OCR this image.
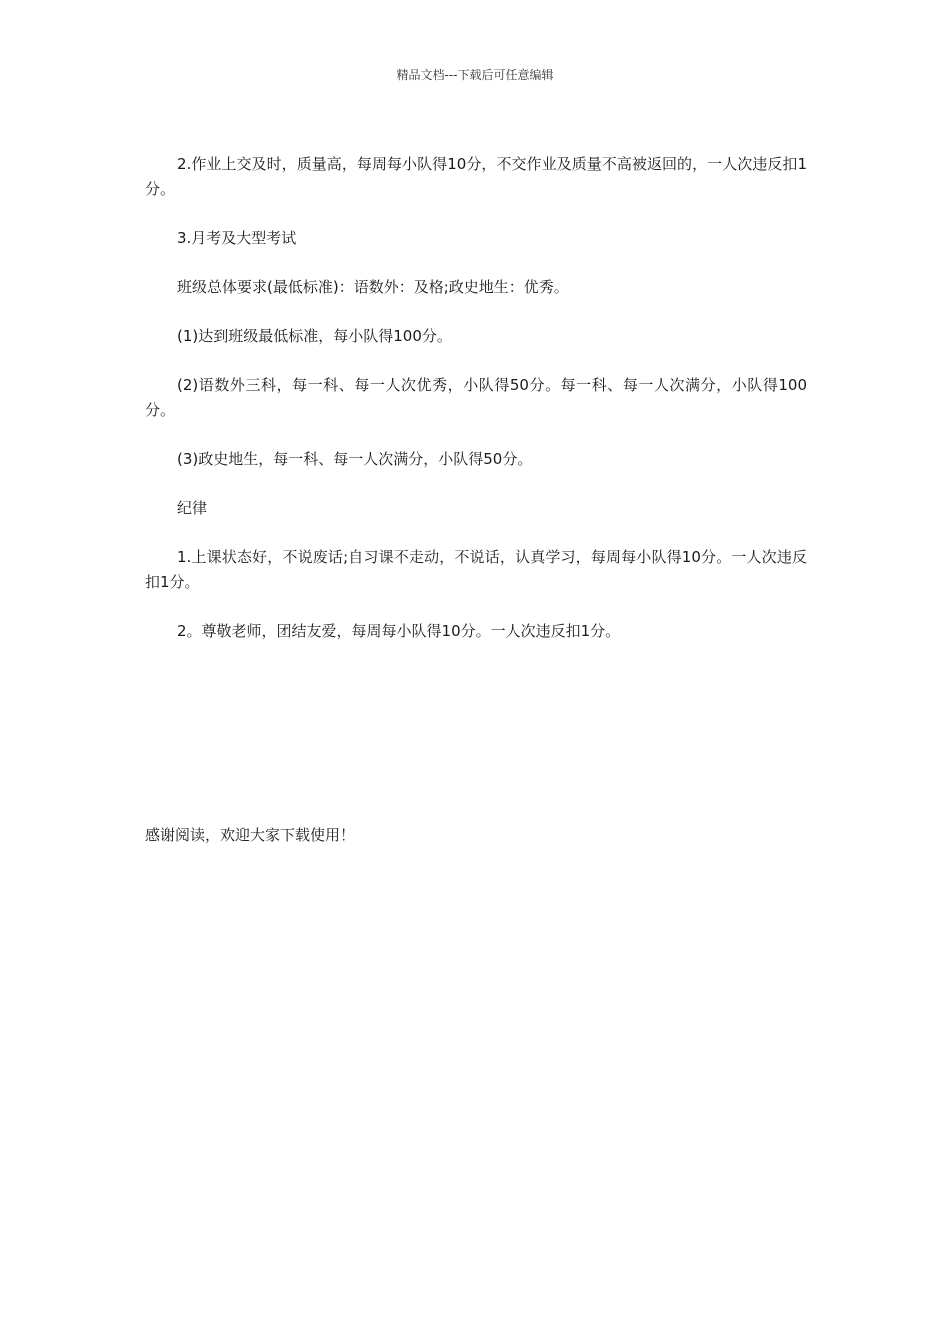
精品文档---下载后可任意编辑

2.作业上交及时，质量高，每周每小队得10分，不交作业及质量不高被返回的，一人次违反扣1分。

3.月考及大型考试

班级总体要求(最低标准)：语数外：及格;政史地生：优秀。

(1)达到班级最低标准，每小队得100分。

(2)语数外三科，每一科、每一人次优秀，小队得50分。每一科、每一人次满分，小队得100分。

(3)政史地生，每一科、每一人次满分，小队得50分。

纪律

1.上课状态好，不说废话;自习课不走动，不说话，认真学习，每周每小队得10分。一人次违反扣1分。

2。尊敬老师，团结友爱，每周每小队得10分。一人次违反扣1分。

感谢阅读，欢迎大家下载使用！
